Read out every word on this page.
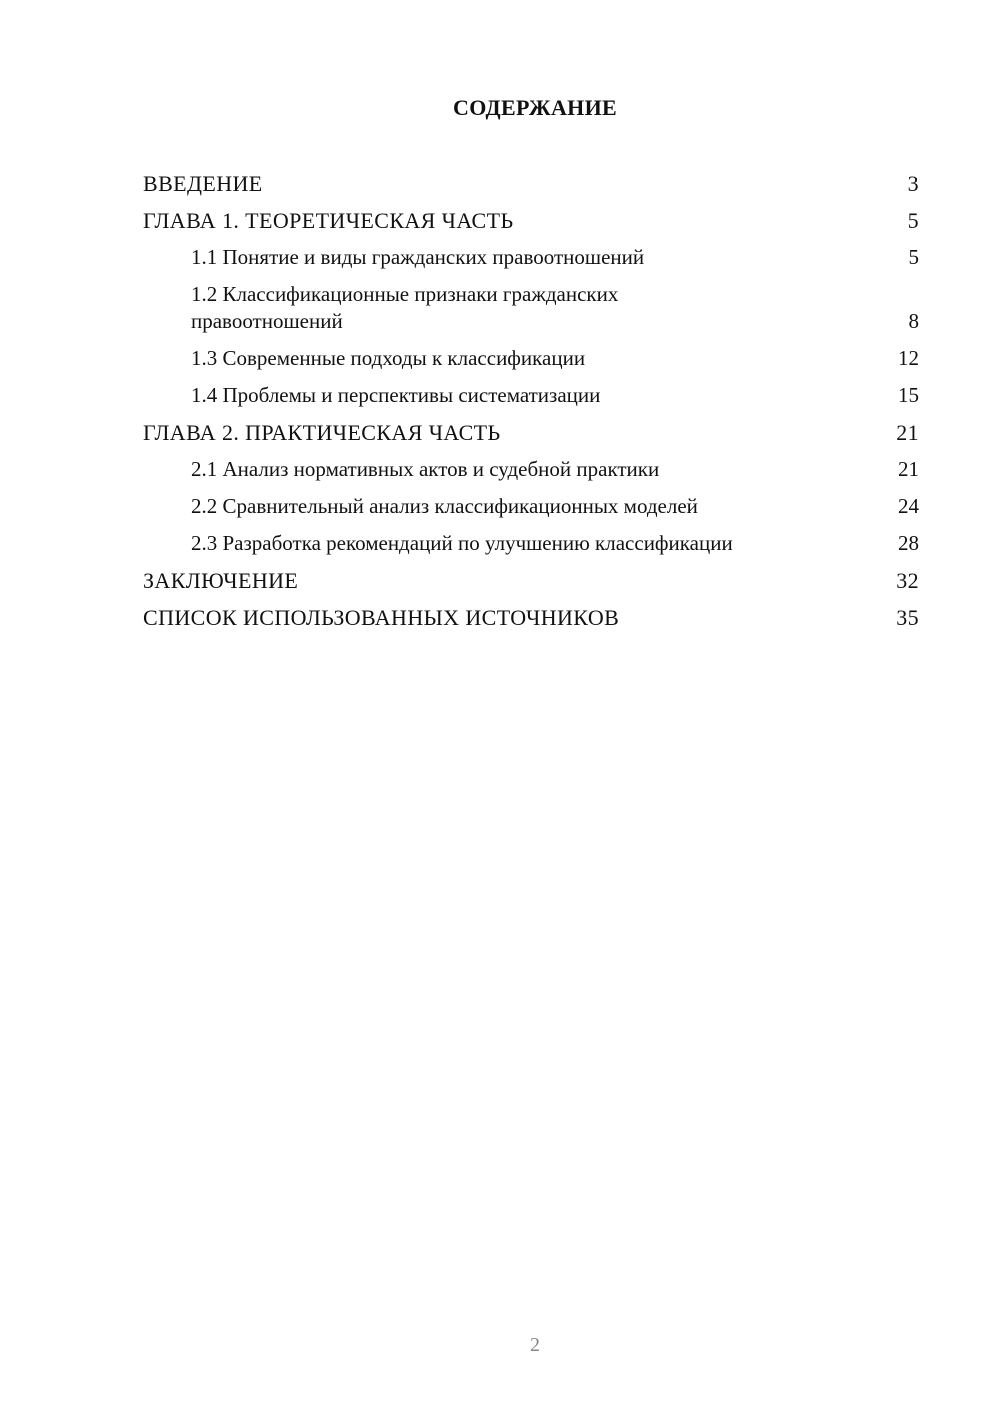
СОДЕРЖАНИЕ
ВВЕДЕНИЕ	3
ГЛАВА 1. ТЕОРЕТИЧЕСКАЯ ЧАСТЬ	5
1.1 Понятие и виды гражданских правоотношений	5
1.2 Классификационные признаки гражданских правоотношений	8
1.3 Современные подходы к классификации	12
1.4 Проблемы и перспективы систематизации	15
ГЛАВА 2. ПРАКТИЧЕСКАЯ ЧАСТЬ	21
2.1 Анализ нормативных актов и судебной практики	21
2.2 Сравнительный анализ классификационных моделей	24
2.3 Разработка рекомендаций по улучшению классификации	28
ЗАКЛЮЧЕНИЕ	32
СПИСОК ИСПОЛЬЗОВАННЫХ ИСТОЧНИКОВ	35
2
